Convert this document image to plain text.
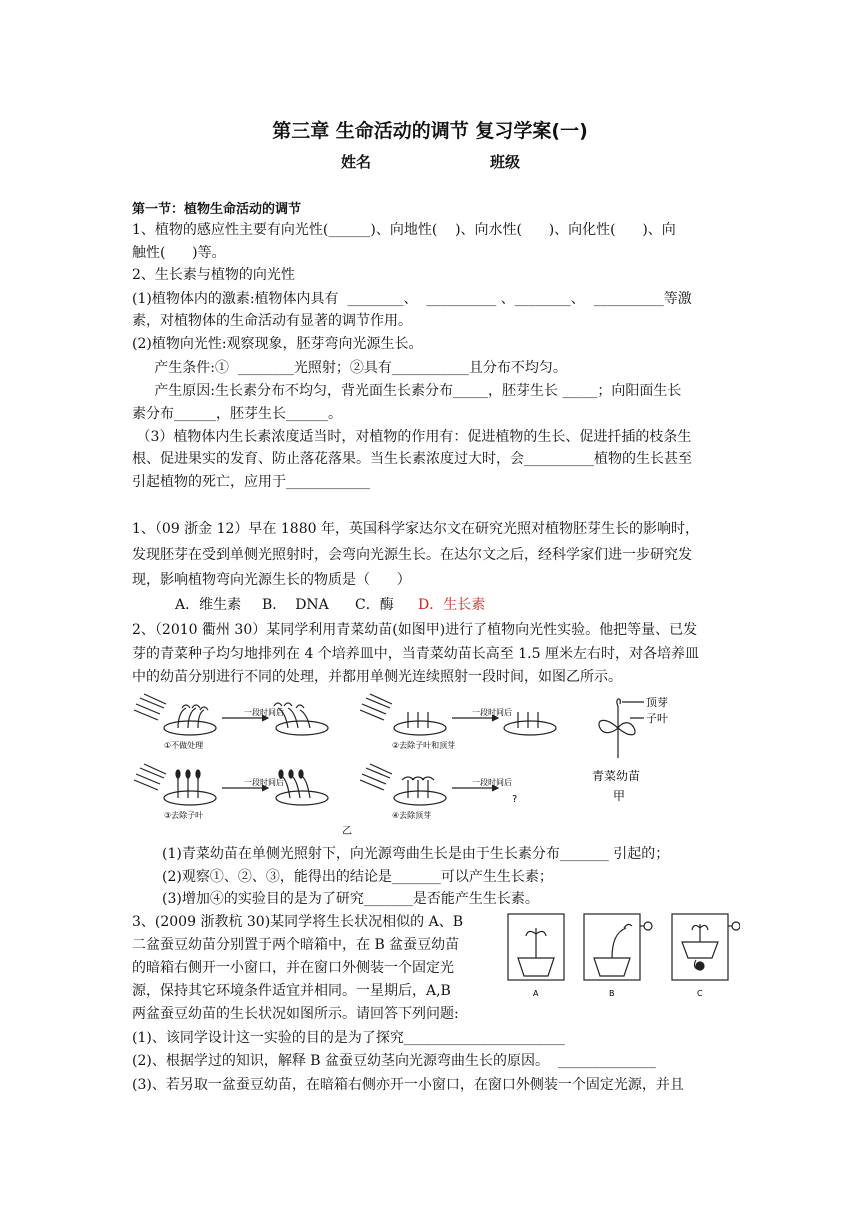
第三章 生命活动的调节 复习学案(一)
姓名	班级
第一节：植物生命活动的调节
1、植物的感应性主要有向光性(______)、向地性(    )、向水性(      )、向化性(      )、向
触性(      )等。
2、生长素与植物的向光性
(1)植物体内的激素:植物体内具有  ________、  __________ 、________、  __________等激
素，对植物体的生命活动有显著的调节作用。
(2)植物向光性:观察现象，胚芽弯向光源生长。
产生条件:①  ________光照射；②具有___________且分布不均匀。
产生原因:生长素分布不均匀，背光面生长素分布_____，胚芽生长 _____；向阳面生长
素分布______，胚芽生长______。
（3）植物体内生长素浓度适当时，对植物的作用有：促进植物的生长、促进扦插的枝条生
根、促进果实的发育、防止落花落果。当生长素浓度过大时，会__________植物的生长甚至
引起植物的死亡，应用于____________
1、（09 浙金 12）早在 1880 年，英国科学家达尔文在研究光照对植物胚芽生长的影响时，
发现胚芽在受到单侧光照射时，会弯向光源生长。在达尔文之后，经科学家们进一步研究发
现，影响植物弯向光源生长的物质是（      ）
A．维生素 B．  DNA C．酶 D．生长素
2、（2010 衢州 30）某同学利用青菜幼苗(如图甲)进行了植物向光性实验。他把等量、已发
芽的青菜种子均匀地排列在 4 个培养皿中，当青菜幼苗长高至 1.5 厘米左右时，对各培养皿
中的幼苗分别进行不同的处理，并都用单侧光连续照射一段时间，如图乙所示。
一段时间后	一段时间后
一段时间后	一段时间后
①不做处理	②去除子叶和顶芽
③去除子叶	④去除顶芽
?
乙
顶芽
子叶
青菜幼苗
甲
(1)青菜幼苗在单侧光照射下，向光源弯曲生长是由于生长素分布_______ 引起的；
(2)观察①、②、③，能得出的结论是_______可以产生生长素；
(3)增加④的实验目的是为了研究_______是否能产生生长素。
3、(2009 浙教杭 30)某同学将生长状况相似的 A、B
二盆蚕豆幼苗分别置于两个暗箱中，在 B 盆蚕豆幼苗
的暗箱右侧开一小窗口，并在窗口外侧装一个固定光
源，保持其它环境条件适宜并相同。一星期后，A,B
两盆蚕豆幼苗的生长状况如图所示。请回答下列问题:
A	B	C
(1)、该同学设计这一实验的目的是为了探究_______________________
(2)、根据学过的知识，解释 B 盆蚕豆幼茎向光源弯曲生长的原因。  ______________
(3)、若另取一盆蚕豆幼苗，在暗箱右侧亦开一小窗口，在窗口外侧装一个固定光源，并且
